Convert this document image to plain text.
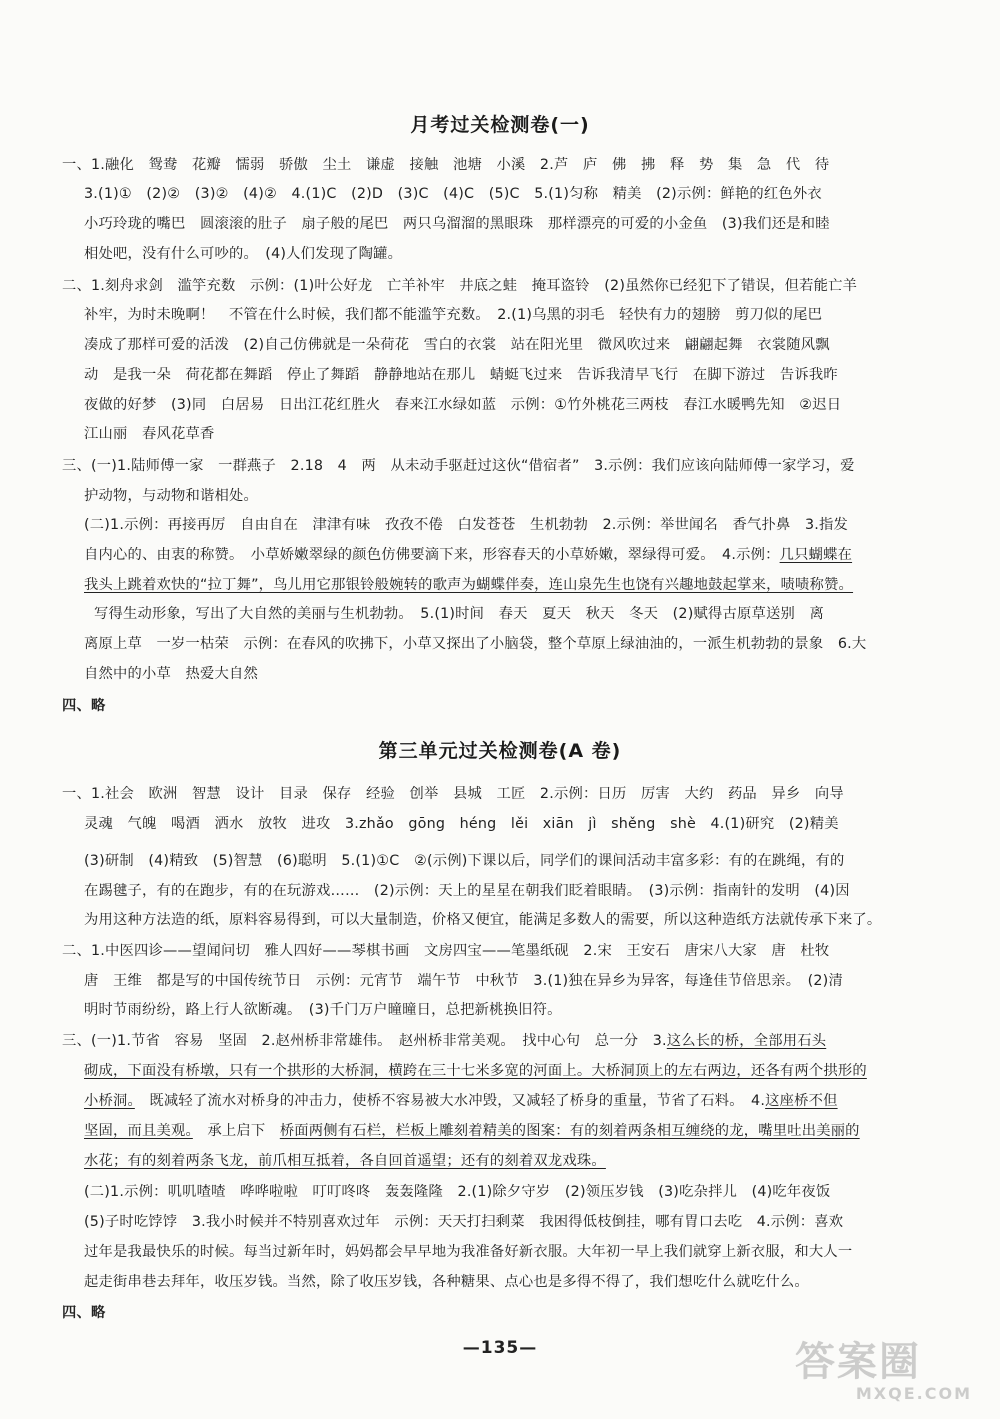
月考过关检测卷(一)
一、1.融化　鸳鸯　花瓣　懦弱　骄傲　尘土　谦虚　接触　池塘　小溪　2.芦　庐　佛　拂　释　势　集　急　代　待
3.(1)①　(2)②　(3)②　(4)②　4.(1)C　(2)D　(3)C　(4)C　(5)C　5.(1)匀称　精美　(2)示例：鲜艳的红色外衣
小巧玲珑的嘴巴　圆滚滚的肚子　扇子般的尾巴　两只乌溜溜的黑眼珠　那样漂亮的可爱的小金鱼　(3)我们还是和睦
相处吧，没有什么可吵的。　(4)人们发现了陶罐。
二、1.刻舟求剑　滥竽充数　示例：(1)叶公好龙　亡羊补牢　井底之蛙　掩耳盗铃　(2)虽然你已经犯下了错误，但若能亡羊
补牢，为时未晚啊！　不管在什么时候，我们都不能滥竽充数。　2.(1)乌黑的羽毛　轻快有力的翅膀　剪刀似的尾巴
凑成了那样可爱的活泼　(2)自己仿佛就是一朵荷花　雪白的衣裳　站在阳光里　微风吹过来　翩翩起舞　衣裳随风飘
动　是我一朵　荷花都在舞蹈　停止了舞蹈　静静地站在那儿　蜻蜓飞过来　告诉我清早飞行　在脚下游过　告诉我昨
夜做的好梦　(3)同　白居易　日出江花红胜火　春来江水绿如蓝　示例：①竹外桃花三两枝　春江水暖鸭先知　②迟日
江山丽　春风花草香
三、(一)1.陆师傅一家　一群燕子　2.18　4　两　从未动手驱赶过这伙“借宿者”　3.示例：我们应该向陆师傅一家学习，爱
护动物，与动物和谐相处。
(二)1.示例：再接再厉　自由自在　津津有味　孜孜不倦　白发苍苍　生机勃勃　2.示例：举世闻名　香气扑鼻　3.指发
自内心的、由衷的称赞。　小草娇嫩翠绿的颜色仿佛要滴下来，形容春天的小草娇嫩，翠绿得可爱。　4.示例：几只蝴蝶在
我头上跳着欢快的“拉丁舞”，鸟儿用它那银铃般婉转的歌声为蝴蝶伴奏，连山泉先生也饶有兴趣地鼓起掌来，啧啧称赞。
写得生动形象，写出了大自然的美丽与生机勃勃。　5.(1)时间　春天　夏天　秋天　冬天　(2)赋得古原草送别　离
离原上草　一岁一枯荣　示例：在春风的吹拂下，小草又探出了小脑袋，整个草原上绿油油的，一派生机勃勃的景象　6.大
自然中的小草　热爱大自然
四、略
第三单元过关检测卷(A 卷)
一、1.社会　欧洲　智慧　设计　目录　保存　经验　创举　县城　工匠　2.示例：日历　厉害　大约　药品　异乡　向导
灵魂　气魄　喝酒　洒水　放牧　进攻　3.zhǎo　gōng　héng　lěi　xiān　jì　shěng　shè　4.(1)研究　(2)精美
(3)研制　(4)精致　(5)智慧　(6)聪明　5.(1)①C　②(示例)下课以后，同学们的课间活动丰富多彩：有的在跳绳，有的
在踢毽子，有的在跑步，有的在玩游戏……　(2)示例：天上的星星在朝我们眨着眼睛。　(3)示例：指南针的发明　(4)因
为用这种方法造的纸，原料容易得到，可以大量制造，价格又便宜，能满足多数人的需要，所以这种造纸方法就传承下来了。
二、1.中医四诊——望闻问切　雅人四好——琴棋书画　文房四宝——笔墨纸砚　2.宋　王安石　唐宋八大家　唐　杜牧
唐　王维　都是写的中国传统节日　示例：元宵节　端午节　中秋节　3.(1)独在异乡为异客，每逢佳节倍思亲。　(2)清
明时节雨纷纷，路上行人欲断魂。　(3)千门万户曈曈日，总把新桃换旧符。
三、(一)1.节省　容易　坚固　2.赵州桥非常雄伟。　赵州桥非常美观。　找中心句　总一分　3.这么长的桥，全部用石头
砌成，下面没有桥墩，只有一个拱形的大桥洞，横跨在三十七米多宽的河面上。大桥洞顶上的左右两边，还各有两个拱形的
小桥洞。　 既减轻了流水对桥身的冲击力，使桥不容易被大水冲毁，又减轻了桥身的重量，节省了石料。　4.这座桥不但
坚固，而且美观。　 承上启下　桥面两侧有石栏，栏板上雕刻着精美的图案：有的刻着两条相互缠绕的龙，嘴里吐出美丽的
水花；有的刻着两条飞龙，前爪相互抵着，各自回首遥望；还有的刻着双龙戏珠。
(二)1.示例：叽叽喳喳　哗哗啦啦　叮叮咚咚　轰轰隆隆　2.(1)除夕守岁　(2)领压岁钱　(3)吃杂拌儿　(4)吃年夜饭
(5)子时吃饽饽　3.我小时候并不特别喜欢过年　示例：天天打扫剩菜　我困得低枝倒挂，哪有胃口去吃　4.示例：喜欢
过年是我最快乐的时候。每当过新年时，妈妈都会早早地为我准备好新衣服。大年初一早上我们就穿上新衣服，和大人一
起走街串巷去拜年，收压岁钱。当然，除了收压岁钱，各种糖果、点心也是多得不得了，我们想吃什么就吃什么。
四、略
—135—	答案圈
MXQE.COM
